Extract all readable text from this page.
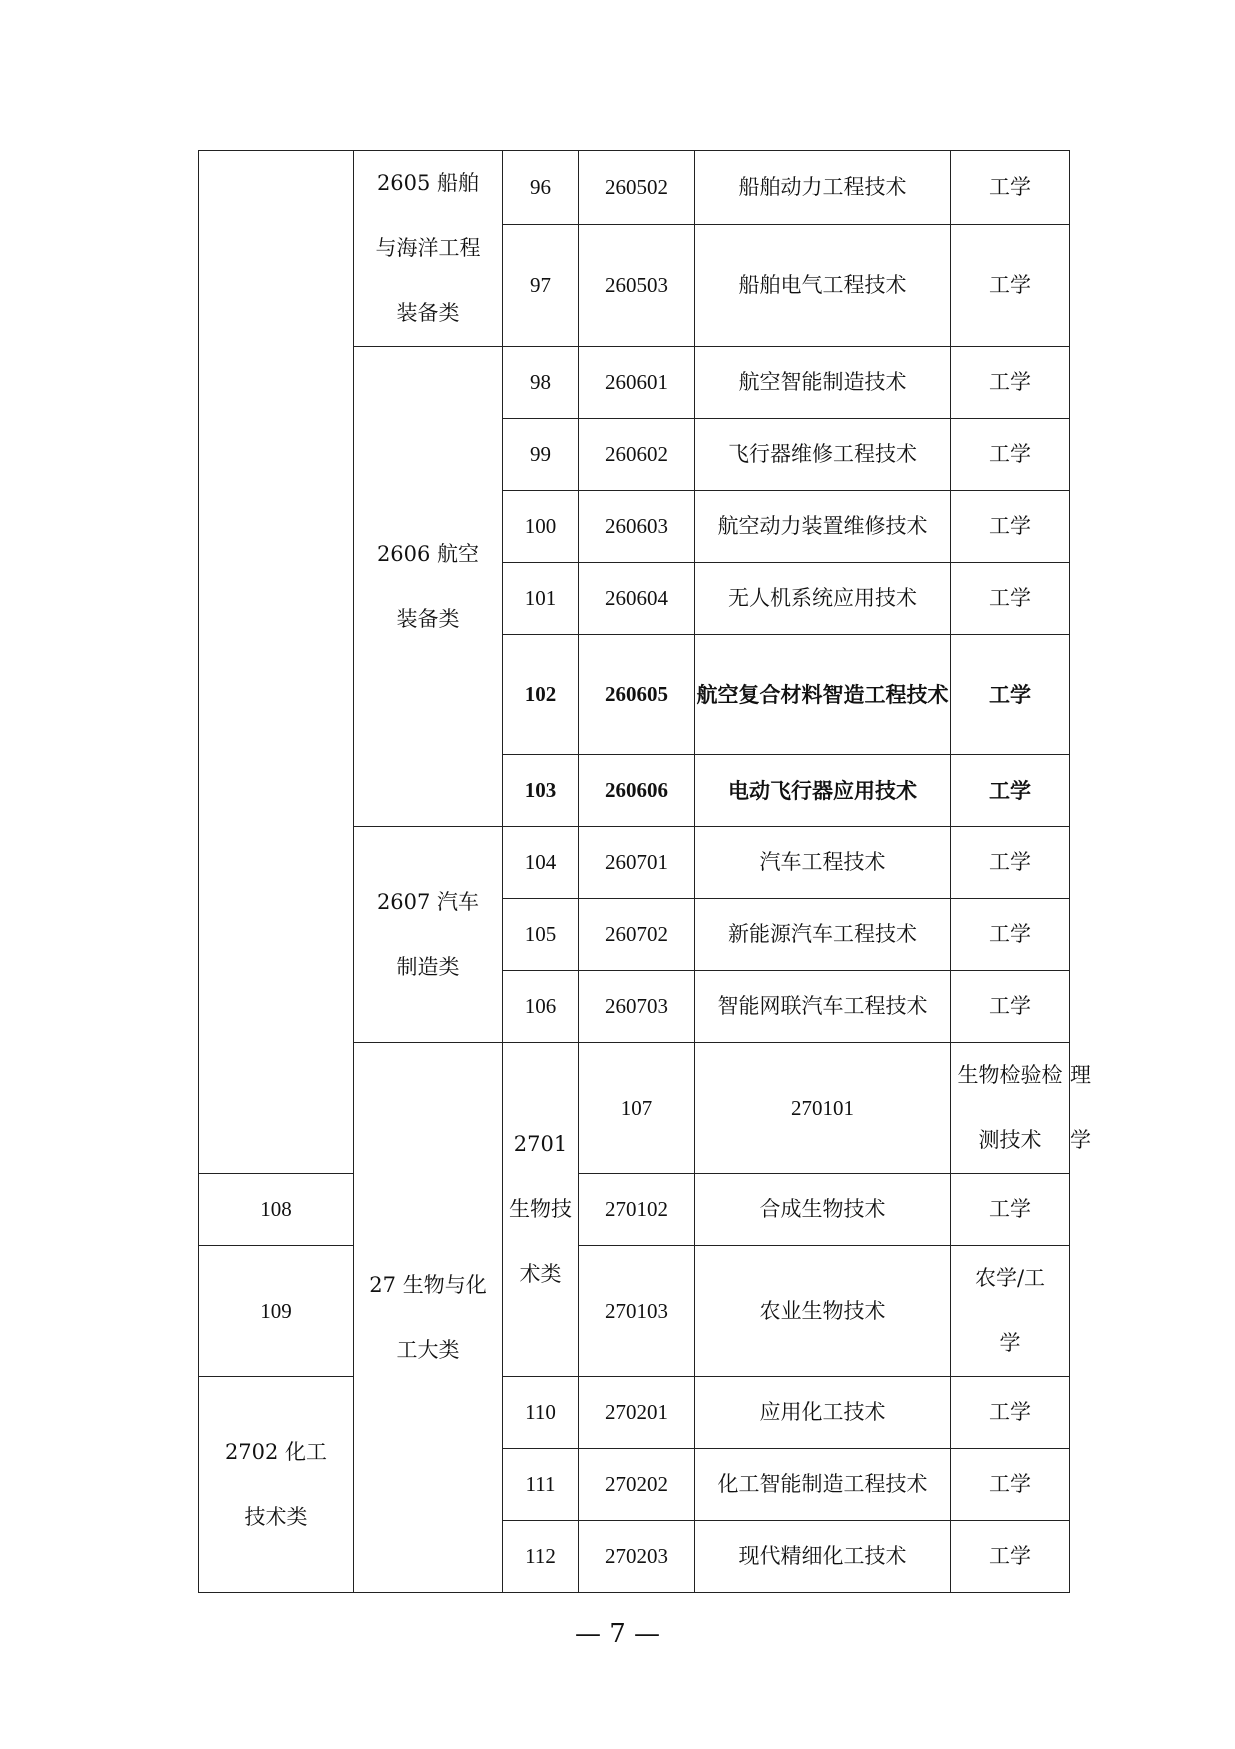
	2605 船舶与海洋工程装备类	96	260502	船舶动力工程技术	工学	
		97	260503	船舶电气工程技术	工学	
	2606 航空装备类	98	260601	航空智能制造技术	工学	
		99	260602	飞行器维修工程技术	工学	
		100	260603	航空动力装置维修技术	工学	
		101	260604	无人机系统应用技术	工学	
		102	260605	航空复合材料智造工程技术	工学	
		103	260606	电动飞行器应用技术	工学	
	2607 汽车制造类	104	260701	汽车工程技术	工学	
		105	260702	新能源汽车工程技术	工学	
		106	260703	智能网联汽车工程技术	工学	
	27 生物与化工大类	2701 生物技术类	107	270101	生物检验检测技术	理学
108			270102	合成生物技术	工学	
109			270103	农业生物技术	农学/工学	
2702 化工技术类		110	270201	应用化工技术	工学	
		111	270202	化工智能制造工程技术	工学	
		112	270203	现代精细化工技术	工学	
— 7 —
